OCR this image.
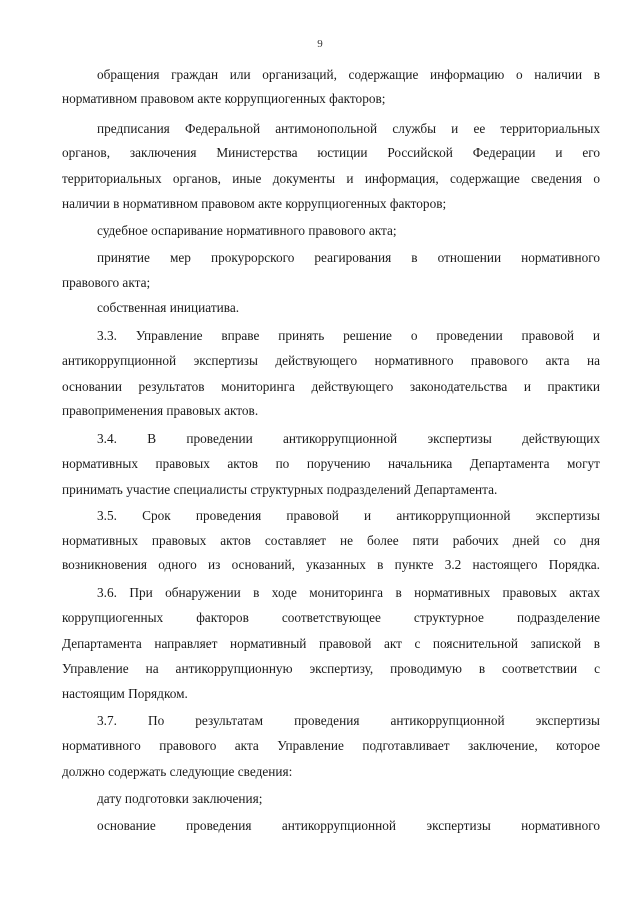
9
обращения граждан или организаций, содержащие информацию о наличии в
нормативном правовом акте коррупциогенных факторов;
предписания Федеральной антимонопольной службы и ее территориальных
органов, заключения Министерства юстиции Российской Федерации и его
территориальных органов, иные документы и информация, содержащие сведения о
наличии в нормативном правовом акте коррупциогенных факторов;
судебное оспаривание нормативного правового акта;
принятие мер прокурорского реагирования в отношении нормативного
правового акта;
собственная инициатива.
3.3. Управление вправе принять решение о проведении правовой и
антикоррупционной экспертизы действующего нормативного правового акта на
основании результатов мониторинга действующего законодательства и практики
правоприменения правовых актов.
3.4. В проведении антикоррупционной экспертизы действующих
нормативных правовых актов по поручению начальника Департамента могут
принимать участие специалисты структурных подразделений Департамента.
3.5. Срок проведения правовой и антикоррупционной экспертизы
нормативных правовых актов составляет не более пяти рабочих дней со дня
возникновения одного из оснований, указанных в пункте 3.2 настоящего Порядка.
3.6. При обнаружении в ходе мониторинга в нормативных правовых актах
коррупциогенных факторов соответствующее структурное подразделение
Департамента направляет нормативный правовой акт с пояснительной запиской в
Управление на антикоррупционную экспертизу, проводимую в соответствии с
настоящим Порядком.
3.7. По результатам проведения антикоррупционной экспертизы
нормативного правового акта Управление подготавливает заключение, которое
должно содержать следующие сведения:
дату подготовки заключения;
основание проведения антикоррупционной экспертизы нормативного
